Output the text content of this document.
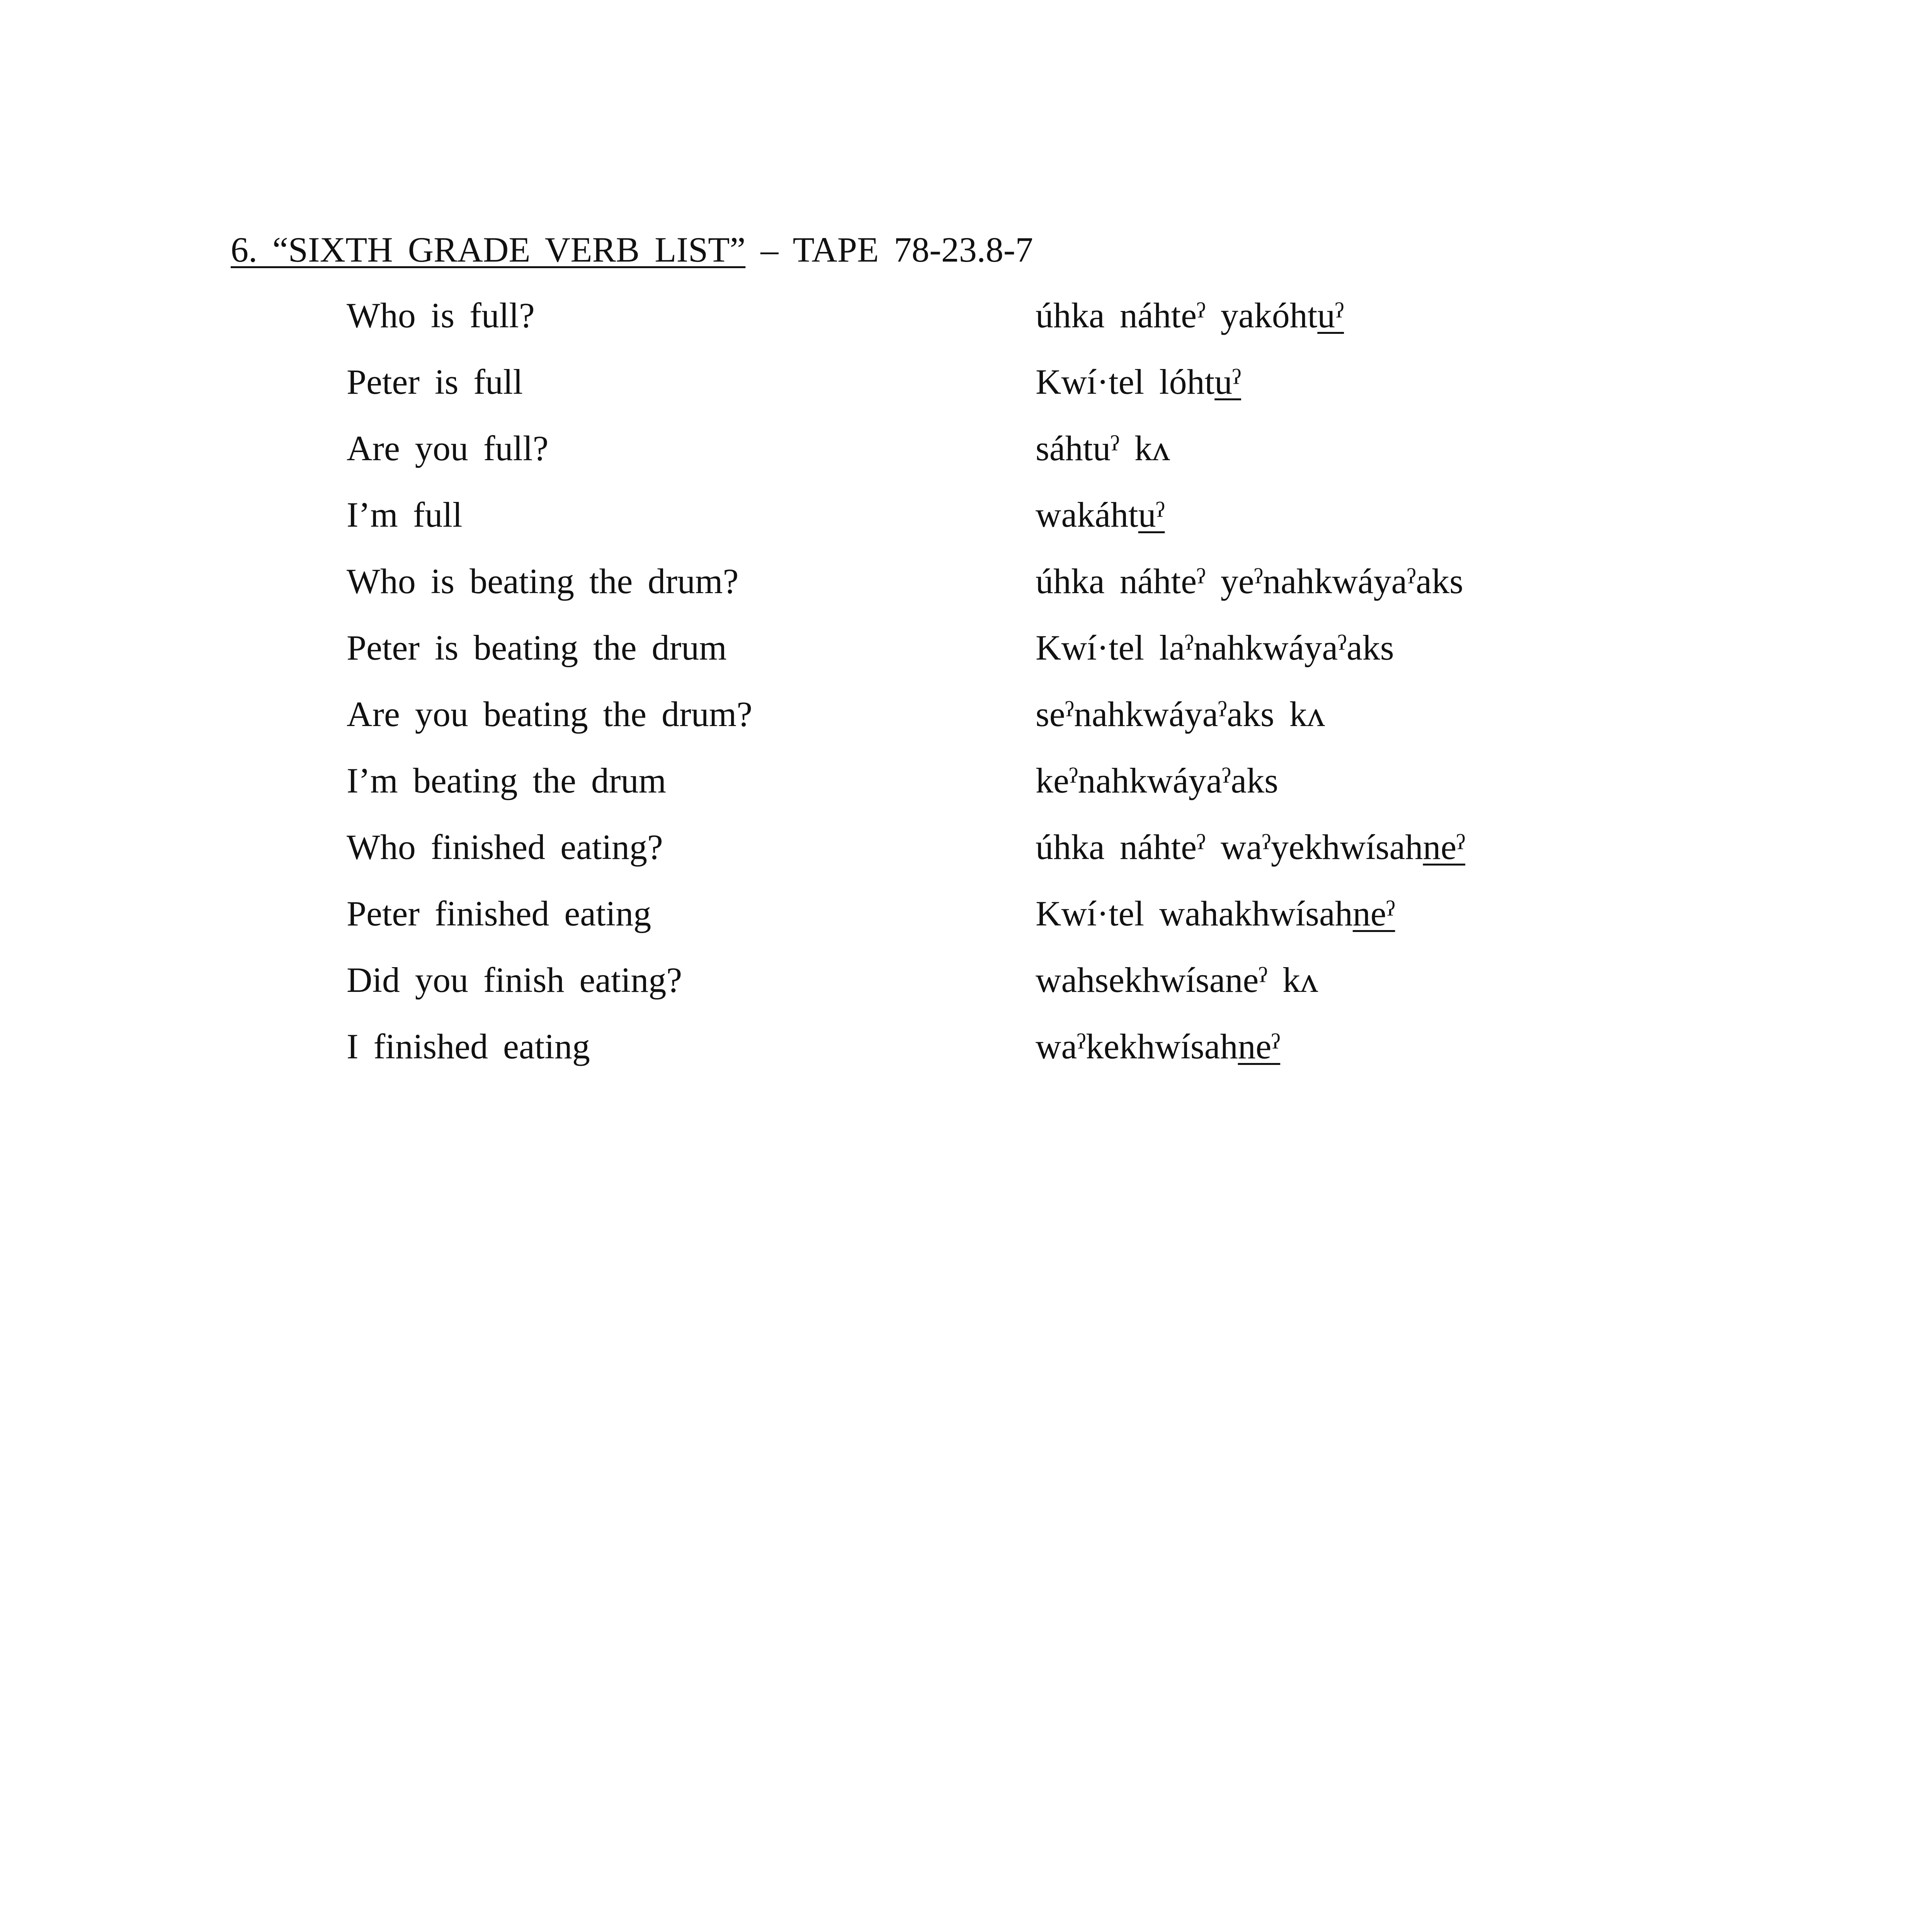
6. “SIXTH GRADE VERB LIST” – TAPE 78-23.8-7
Who is full?	úhka náhteˀ yakóhtuˀ
Peter is full	Kwí·tel lóhtuˀ
Are you full?	sáhtuˀ kʌ
I’m full	wakáhtuˀ
Who is beating the drum?	úhka náhteˀ yeˀnahkwáyaˀaks
Peter is beating the drum	Kwí·tel laˀnahkwáyaˀaks
Are you beating the drum?	seˀnahkwáyaˀaks kʌ
I’m beating the drum	keˀnahkwáyaˀaks
Who finished eating?	úhka náhteˀ waˀyekhwísahneˀ
Peter finished eating	Kwí·tel wahakhwísahneˀ
Did you finish eating?	wahsekhwísaneˀ kʌ
I finished eating	waˀkekhwísahneˀ
